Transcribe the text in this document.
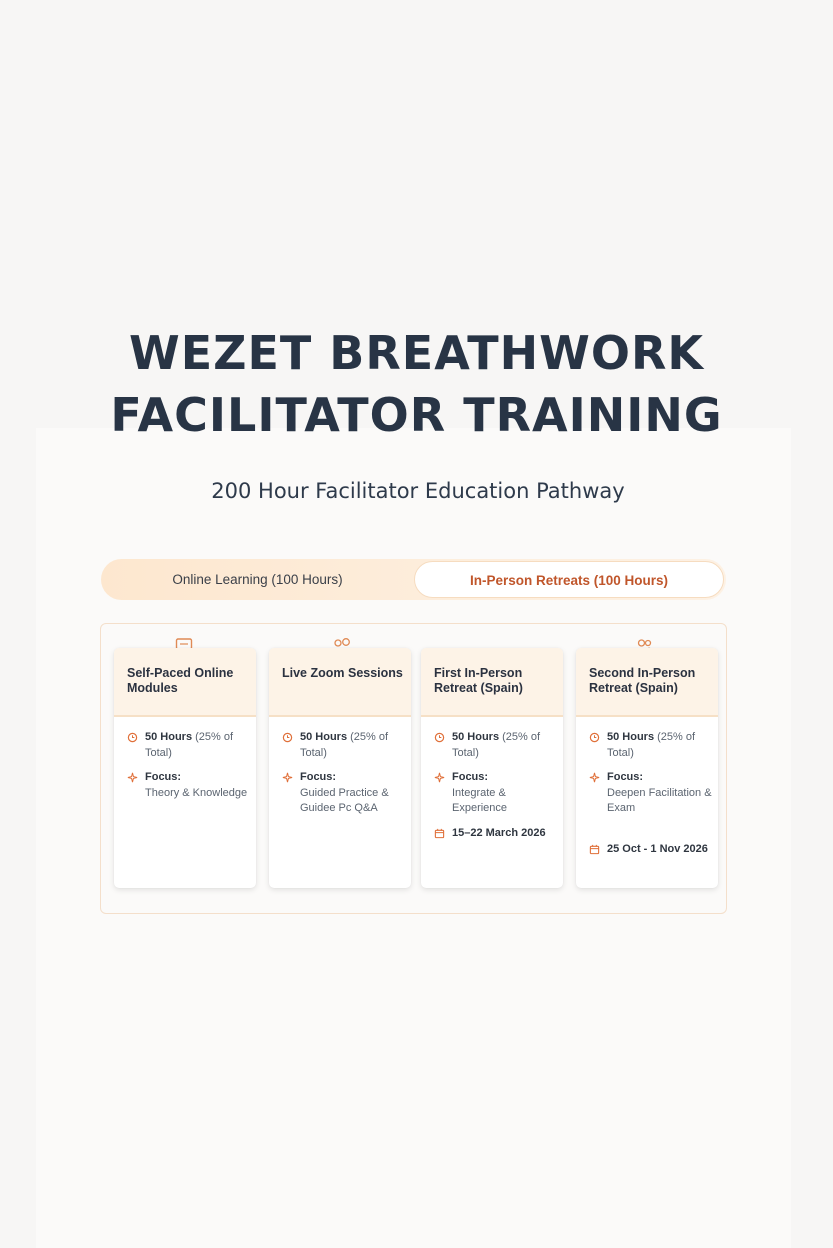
WEZET BREATHWORK
FACILITATOR TRAINING

200 Hour Facilitator Education Pathway

Online Learning (100 Hours)	In-Person Retreats (100 Hours)
Self-Paced Online Modules
50 Hours (25% of Total)
Focus:
Theory & Knowledge
Live Zoom Sessions
50 Hours (25% of Total)
Focus:
Guided Practice & Guidee Pc Q&A
First In-Person Retreat (Spain)
50 Hours (25% of Total)
Focus:
Integrate & Experience
15–22 March 2026
Second In-Person Retreat (Spain)
50 Hours (25% of Total)
Focus:
Deepen Facilitation & Exam
25 Oct - 1 Nov 2026
